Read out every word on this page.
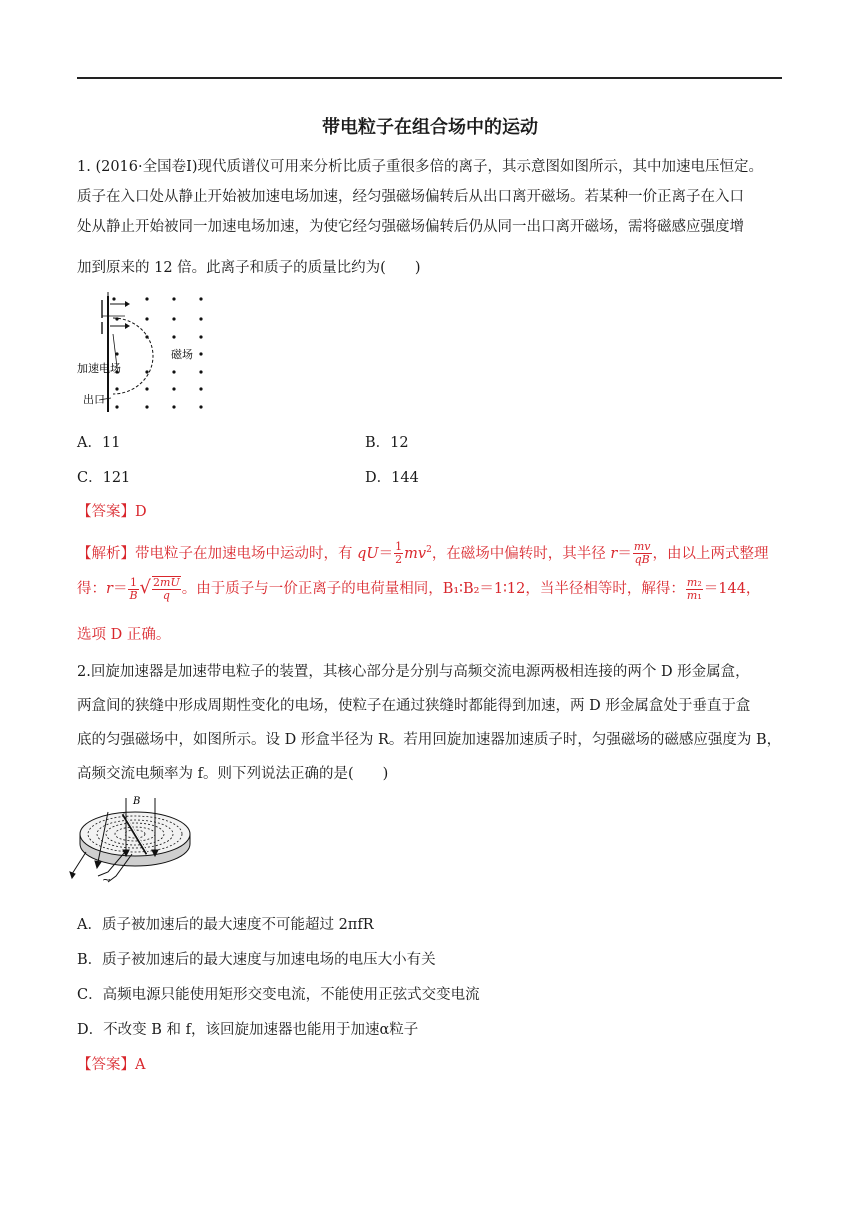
带电粒子在组合场中的运动
1. (2016·全国卷Ⅰ)现代质谱仪可用来分析比质子重很多倍的离子，其示意图如图所示，其中加速电压恒定。
质子在入口处从静止开始被加速电场加速，经匀强磁场偏转后从出口离开磁场。若某种一价正离子在入口
处从静止开始被同一加速电场加速，为使它经匀强磁场偏转后仍从同一出口离开磁场，需将磁感应强度增
加到原来的 12 倍。此离子和质子的质量比约为(　　)
加速电场
磁场
出口
A．11	B．12
C．121	D．144
【答案】D
【解析】带电粒子在加速电场中运动时，有 $qU= \frac{1}{2} mv^2$，在磁场中偏转时，其半径 $r= \frac{mv}{qB}$ ，由以上两式整理
得：$r= \frac{1}{B}$ √ $\frac{2mU}{q}$ 。由于质子与一价正离子的电荷量相同，B₁∶B₂＝1∶12，当半径相等时，解得： $\frac{\text{m₂}}{\text{m₁}} =144$，
选项 D 正确。
2.回旋加速器是加速带电粒子的装置，其核心部分是分别与高频交流电源两极相连接的两个 D 形金属盒，
两盒间的狭缝中形成周期性变化的电场，使粒子在通过狭缝时都能得到加速，两 D 形金属盒处于垂直于盒
底的匀强磁场中，如图所示。设 D 形盒半径为 R。若用回旋加速器加速质子时，匀强磁场的磁感应强度为 B，
高频交流电频率为 f。则下列说法正确的是(　　)
B
~
A．质子被加速后的最大速度不可能超过 2πfR
B．质子被加速后的最大速度与加速电场的电压大小有关
C．高频电源只能使用矩形交变电流，不能使用正弦式交变电流
D．不改变 B 和 f，该回旋加速器也能用于加速α粒子
【答案】A
